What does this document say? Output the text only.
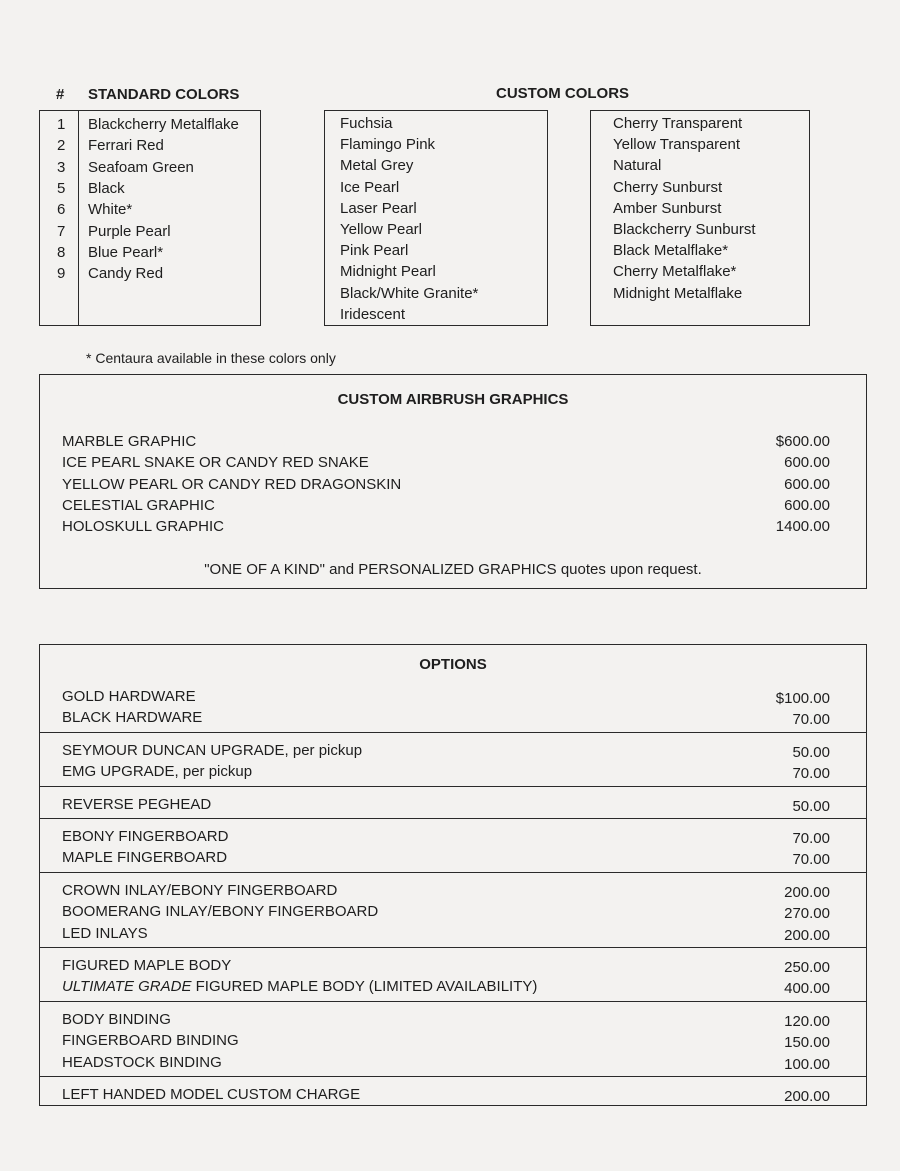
# STANDARD COLORS	CUSTOM COLORS
1 Blackcherry Metalflake
2 Ferrari Red
3 Seafoam Green
5 Black
6 White*
7 Purple Pearl
8 Blue Pearl*
9 Candy Red
Fuchsia
Flamingo Pink
Metal Grey
Ice Pearl
Laser Pearl
Yellow Pearl
Pink Pearl
Midnight Pearl
Black/White Granite*
Iridescent
Cherry Transparent
Yellow Transparent
Natural
Cherry Sunburst
Amber Sunburst
Blackcherry Sunburst
Black Metalflake*
Cherry Metalflake*
Midnight Metalflake
* Centaura available in these colors only
CUSTOM AIRBRUSH GRAPHICS
MARBLE GRAPHIC	$600.00
ICE PEARL SNAKE OR CANDY RED SNAKE	600.00
YELLOW PEARL OR CANDY RED DRAGONSKIN	600.00
CELESTIAL GRAPHIC	600.00
HOLOSKULL GRAPHIC	1400.00
"ONE OF A KIND" and PERSONALIZED GRAPHICS quotes upon request.
OPTIONS
GOLD HARDWARE	$100.00
BLACK HARDWARE	70.00
SEYMOUR DUNCAN UPGRADE, per pickup	50.00
EMG UPGRADE, per pickup	70.00
REVERSE PEGHEAD	50.00
EBONY FINGERBOARD	70.00
MAPLE FINGERBOARD	70.00
CROWN INLAY/EBONY FINGERBOARD	200.00
BOOMERANG INLAY/EBONY FINGERBOARD	270.00
LED INLAYS	200.00
FIGURED MAPLE BODY	250.00
ULTIMATE GRADE FIGURED MAPLE BODY (LIMITED AVAILABILITY)	400.00
BODY BINDING	120.00
FINGERBOARD BINDING	150.00
HEADSTOCK BINDING	100.00
LEFT HANDED MODEL CUSTOM CHARGE	200.00
